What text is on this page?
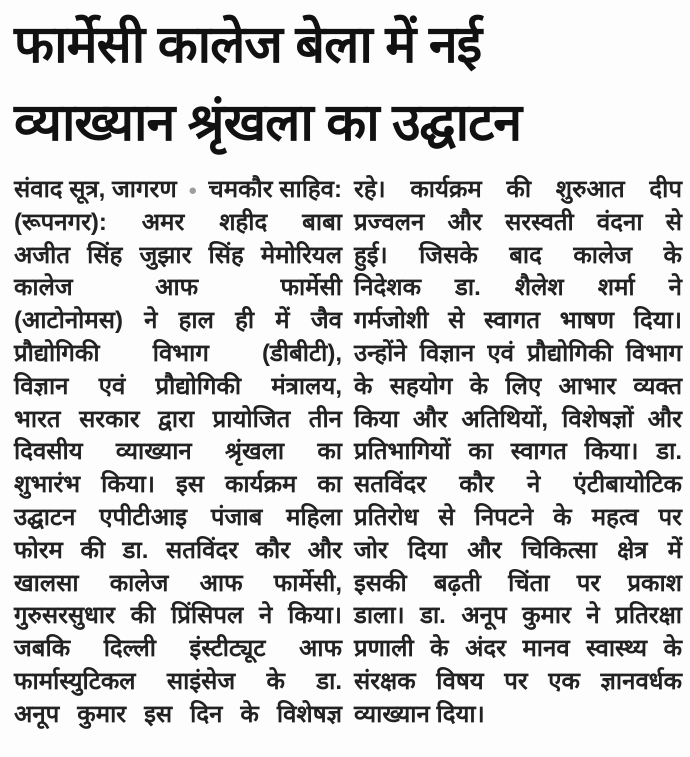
फार्मेसी कालेज बेला में नई
व्याख्यान श्रृंखला का उद्घाटन
संवाद सूत्र, जागरण ● चमकौर साहिव:
(रूपनगर): अमर शहीद बाबा
अजीत सिंह जुझार सिंह मेमोरियल
कालेज आफ फार्मेसी
(आटोनोमस) ने हाल ही में जैव
प्रौद्योगिकी विभाग (डीबीटी),
विज्ञान एवं प्रौद्योगिकी मंत्रालय,
भारत सरकार द्वारा प्रायोजित तीन
दिवसीय व्याख्यान श्रृंखला का
शुभारंभ किया। इस कार्यक्रम का
उद्घाटन एपीटीआइ पंजाब महिला
फोरम की डा. सतविंदर कौर और
खालसा कालेज आफ फार्मेसी,
गुरुसरसुधार की प्रिंसिपल ने किया।
जबकि दिल्ली इंस्टीट्यूट आफ
फार्मास्युटिकल साइंसेज के डा.
अनूप कुमार इस दिन के विशेषज्ञ
रहे। कार्यक्रम की शुरुआत दीप
प्रज्वलन और सरस्वती वंदना से
हुई। जिसके बाद कालेज के
निदेशक डा. शैलेश शर्मा ने
गर्मजोशी से स्वागत भाषण दिया।
उन्होंने विज्ञान एवं प्रौद्योगिकी विभाग
के सहयोग के लिए आभार व्यक्त
किया और अतिथियों, विशेषज्ञों और
प्रतिभागियों का स्वागत किया। डा.
सतविंदर कौर ने एंटीबायोटिक
प्रतिरोध से निपटने के महत्व पर
जोर दिया और चिकित्सा क्षेत्र में
इसकी बढ़ती चिंता पर प्रकाश
डाला। डा. अनूप कुमार ने प्रतिरक्षा
प्रणाली के अंदर मानव स्वास्थ्य के
संरक्षक विषय पर एक ज्ञानवर्धक
व्याख्यान दिया।
